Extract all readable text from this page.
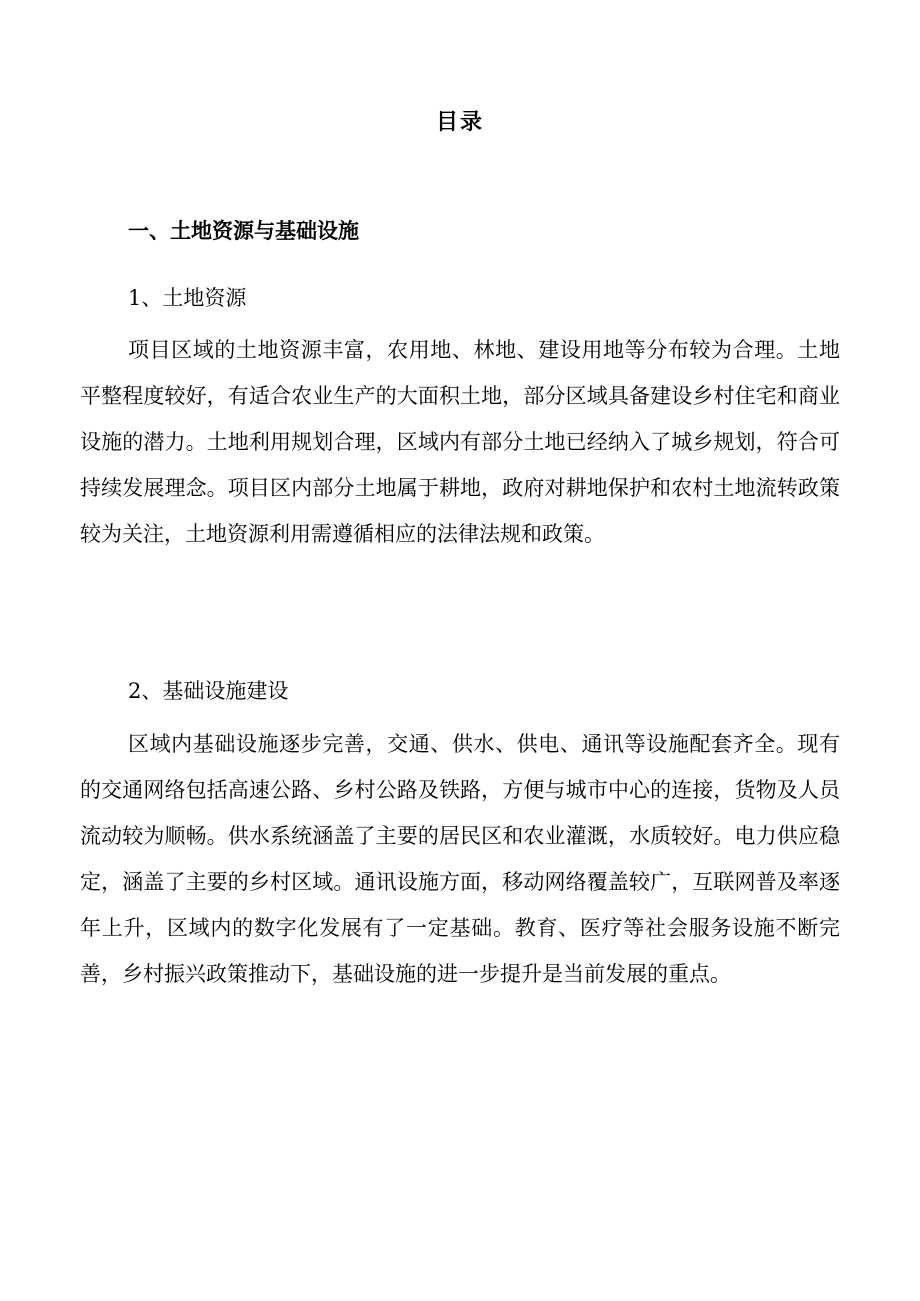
目录
一、土地资源与基础设施
1、土地资源

项目区域的土地资源丰富，农用地、林地、建设用地等分布较为合理。土地平整程度较好，有适合农业生产的大面积土地，部分区域具备建设乡村住宅和商业设施的潜力。土地利用规划合理，区域内有部分土地已经纳入了城乡规划，符合可持续发展理念。项目区内部分土地属于耕地，政府对耕地保护和农村土地流转政策较为关注，土地资源利用需遵循相应的法律法规和政策。

2、基础设施建设

区域内基础设施逐步完善，交通、供水、供电、通讯等设施配套齐全。现有的交通网络包括高速公路、乡村公路及铁路，方便与城市中心的连接，货物及人员流动较为顺畅。供水系统涵盖了主要的居民区和农业灌溉，水质较好。电力供应稳定，涵盖了主要的乡村区域。通讯设施方面，移动网络覆盖较广，互联网普及率逐年上升，区域内的数字化发展有了一定基础。教育、医疗等社会服务设施不断完善，乡村振兴政策推动下，基础设施的进一步提升是当前发展的重点。
